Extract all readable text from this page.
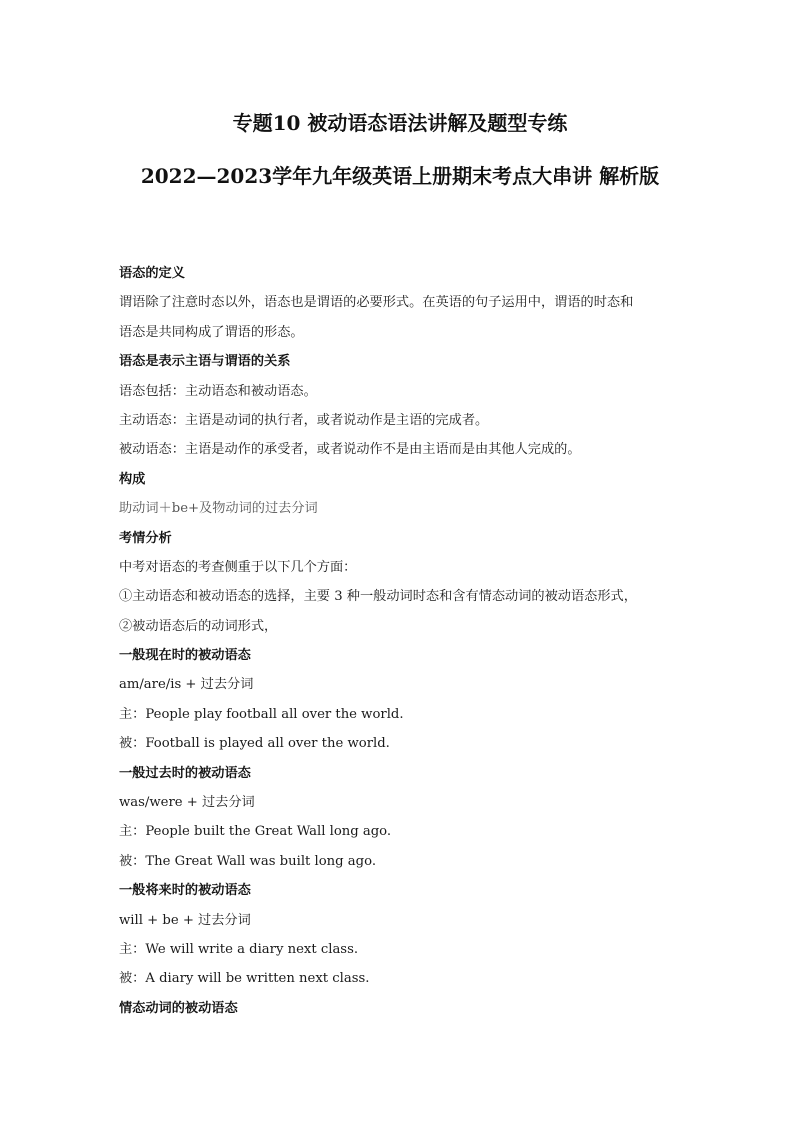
专题10 被动语态语法讲解及题型专练
2022—2023学年九年级英语上册期末考点大串讲 解析版
语态的定义
谓语除了注意时态以外，语态也是谓语的必要形式。在英语的句子运用中，谓语的时态和
语态是共同构成了谓语的形态。
语态是表示主语与谓语的关系
语态包括：主动语态和被动语态。
主动语态：主语是动词的执行者，或者说动作是主语的完成者。
被动语态：主语是动作的承受者，或者说动作不是由主语而是由其他人完成的。
构成
助动词＋be+及物动词的过去分词
考情分析
中考对语态的考查侧重于以下几个方面：
①主动语态和被动语态的选择，主要 3 种一般动词时态和含有情态动词的被动语态形式，
②被动语态后的动词形式，
一般现在时的被动语态
am/are/is + 过去分词
主：People play football all over the world.
被：Football is played all over the world.
一般过去时的被动语态
was/were + 过去分词
主：People built the Great Wall long ago.
被：The Great Wall was built long ago.
一般将来时的被动语态
will + be + 过去分词
主：We will write a diary next class.
被：A diary will be written next class.
情态动词的被动语态
